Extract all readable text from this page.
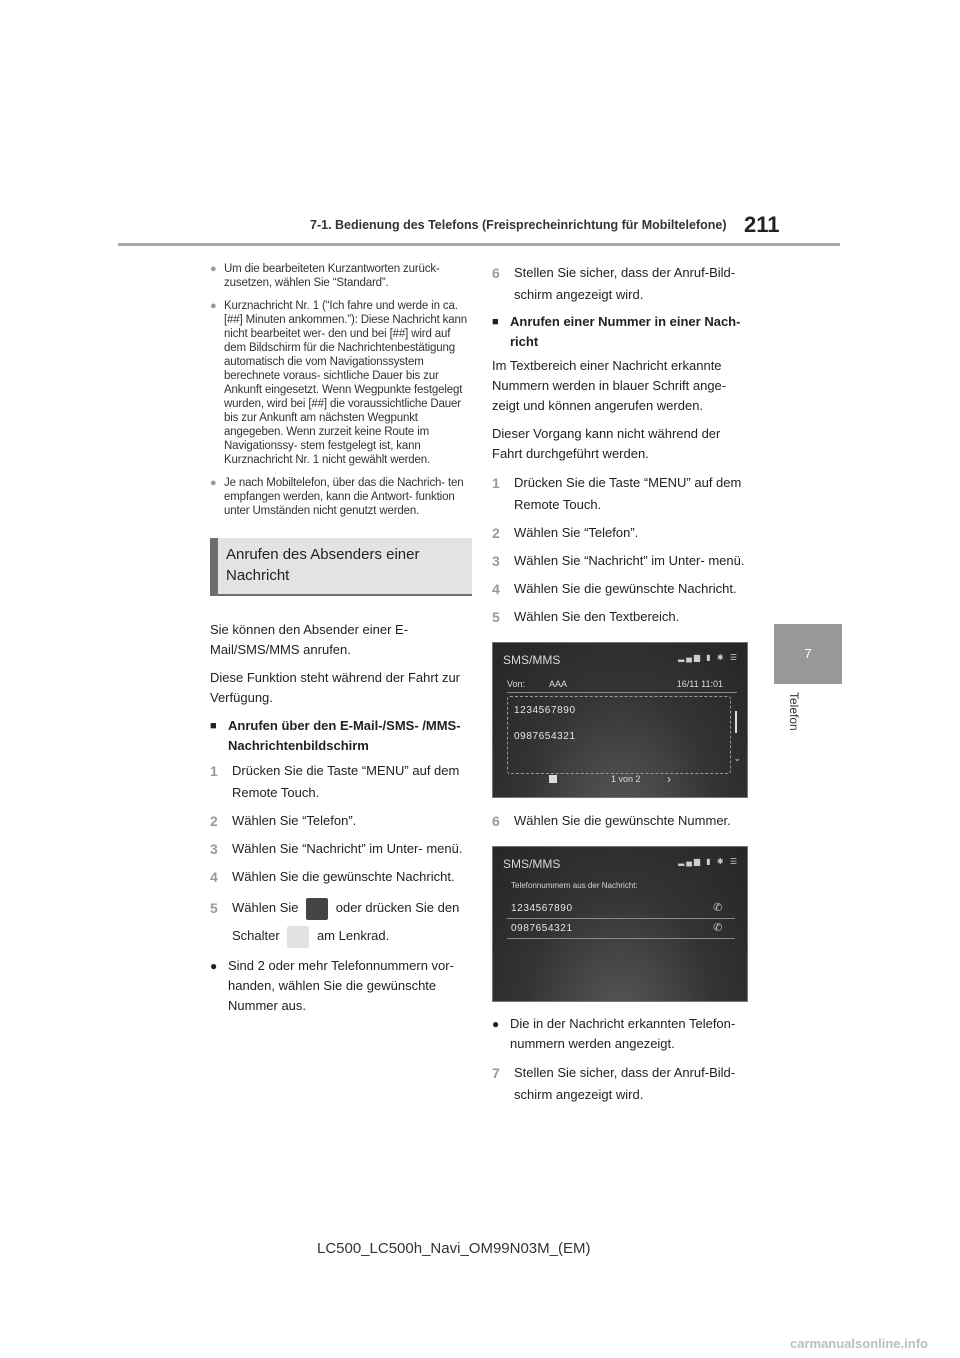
7-1. Bedienung des Telefons (Freisprecheinrichtung für Mobiltelefone) 211
7
Telefon
● Um die bearbeiteten Kurzantworten zurück- zusetzen, wählen Sie “Standard”.
● Kurznachricht Nr. 1 (“Ich fahre und werde in ca. [##] Minuten ankommen.”): Diese Nachricht kann nicht bearbeitet wer- den und bei [##] wird auf dem Bildschirm für die Nachrichtenbestätigung automatisch die vom Navigationssystem berechnete voraus- sichtliche Dauer bis zur Ankunft eingesetzt. Wenn Wegpunkte festgelegt wurden, wird bei [##] die voraussichtliche Dauer bis zur Ankunft am nächsten Wegpunkt angegeben. Wenn zurzeit keine Route im Navigationssy- stem festgelegt ist, kann Kurznachricht Nr. 1 nicht gewählt werden.
● Je nach Mobiltelefon, über das die Nachrich- ten empfangen werden, kann die Antwort- funktion unter Umständen nicht genutzt werden.
Anrufen des Absenders einer Nachricht
Sie können den Absender einer E- Mail/SMS/MMS anrufen.
Diese Funktion steht während der Fahrt zur Verfügung.
■ Anrufen über den E-Mail-/SMS- /MMS-Nachrichtenbildschirm
1	Drücken Sie die Taste “MENU” auf dem Remote Touch.
2	Wählen Sie “Telefon”.
3	Wählen Sie “Nachricht” im Unter- menü.
4	Wählen Sie die gewünschte Nachricht.
5	Wählen Sie	oder drücken Sie den Schalter	am Lenkrad.
● Sind 2 oder mehr Telefonnummern vor- handen, wählen Sie die gewünschte Nummer aus.
6	Stellen Sie sicher, dass der Anruf-Bild- schirm angezeigt wird.
■ Anrufen einer Nummer in einer Nach- richt
Im Textbereich einer Nachricht erkannte Nummern werden in blauer Schrift ange- zeigt und können angerufen werden.
Dieser Vorgang kann nicht während der Fahrt durchgeführt werden.
1	Drücken Sie die Taste “MENU” auf dem Remote Touch.
2	Wählen Sie “Telefon”.
3	Wählen Sie “Nachricht” im Unter- menü.
4	Wählen Sie die gewünschte Nachricht.
5	Wählen Sie den Textbereich.
SMS/MMS	▂▄▆ ▮ ✱ ☰
Von:	AAA	16/11 11:01
1234567890
0987654321
⌄
1 von 2 ›
6	Wählen Sie die gewünschte Nummer.
SMS/MMS	▂▄▆ ▮ ✱ ☰
Telefonnummern aus der Nachricht:
1234567890	✆
0987654321	✆
● Die in der Nachricht erkannten Telefon- nummern werden angezeigt.
7	Stellen Sie sicher, dass der Anruf-Bild- schirm angezeigt wird.
LC500_LC500h_Navi_OM99N03M_(EM)
carmanualsonline.info
